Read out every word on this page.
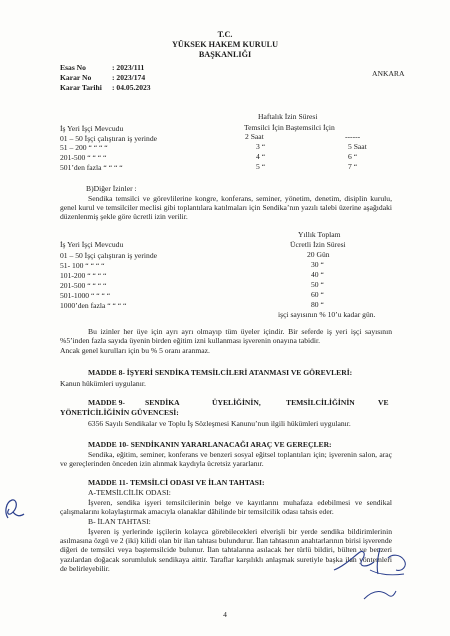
T.C.
YÜKSEK HAKEM KURULU
BAŞKANLIĞI
Esas No	: 2023/111
Karar No	: 2023/174
Karar Tarihi : 04.05.2023
ANKARA
Haftalık İzin Süresi
İş Yeri İşçi Mevcudu	Temsilci İçin Baştemsilci İçin
------
01 – 50 İşçi çalıştıran iş yerinde	2 Saat
51 – 200 “ “ “ “	3 “	5 Saat
201-500 “ “ “ “	4 “	6 “
501’den fazla “ “ “ “	5 “	7 “
B)Diğer İzinler :
Sendika temsilci ve görevlilerine kongre, konferans, seminer, yönetim, denetim, disiplin kurulu, genel kurul ve temsilciler meclisi gibi toplantılara katılmaları için Sendika’nın yazılı talebi üzerine aşağıdaki düzenlenmiş şekle göre ücretli izin verilir.
Yıllık Toplam
İş Yeri İşçi Mevcudu	Ücretli İzin Süresi
01 – 50 İşçi çalıştıran iş yerinde	20 Gün
51- 100 “ “ “ “	30 “
101-200 “ “ “ “	40 “
201-500 “ “ “ “	50 “
501-1000 “ “ “ “	60 “
1000’den fazla “ “ “ “	80 “
işçi sayısının % 10’u kadar gün.
Bu izinler her üye için ayrı ayrı olmayıp tüm üyeler içindir. Bir seferde iş yeri işçi sayısının %5’inden fazla sayıda üyenin birden eğitim izni kullanması işverenin onayına tabidir.
Ancak genel kurulları için bu % 5 oranı aranmaz.
MADDE 8- İŞYERİ SENDİKA TEMSİLCİLERİ ATANMASI VE GÖREVLERİ:
Kanun hükümleri uygulanır.
MADDE 9-	SENDİKA	ÜYELİĞİNİN,	TEMSİLCİLİĞİNİN	VE
YÖNETİCİLİĞİNİN GÜVENCESİ:
6356 Sayılı Sendikalar ve Toplu İş Sözleşmesi Kanunu’nun ilgili hükümleri uygulanır.
MADDE 10- SENDİKANIN YARARLANACAĞI ARAÇ VE GEREÇLER:
Sendika, eğitim, seminer, konferans ve benzeri sosyal eğitsel toplantıları için; işverenin salon, araç ve gereçlerinden önceden izin alınmak kaydıyla ücretsiz yararlanır.
MADDE 11- TEMSİLCİ ODASI VE İLAN TAHTASI:
A-TEMSİLCİLİK ODASI:
İşveren, sendika işyeri temsilcilerinin belge ve kayıtlarını muhafaza edebilmesi ve sendikal çalışmalarını kolaylaştırmak amacıyla olanaklar dâhilinde bir temsilcilik odası tahsis eder.
B- İLAN TAHTASI:
İşveren iş yerlerinde işçilerin kolayca görebilecekleri elverişli bir yerde sendika bildirimlerinin asılmasına özgü ve 2 (iki) kilidi olan bir ilan tahtası bulundurur. İlan tahtasının anahtarlarının birisi işverende diğeri de temsilci veya baştemsilcide bulunur. İlan tahtalarına asılacak her türlü bildiri, bülten ve benzeri yazılardan doğacak sorumluluk sendikaya aittir. Taraflar karşılıklı anlaşmak suretiyle başka ilan yöntemleri de belirleyebilir.
4
